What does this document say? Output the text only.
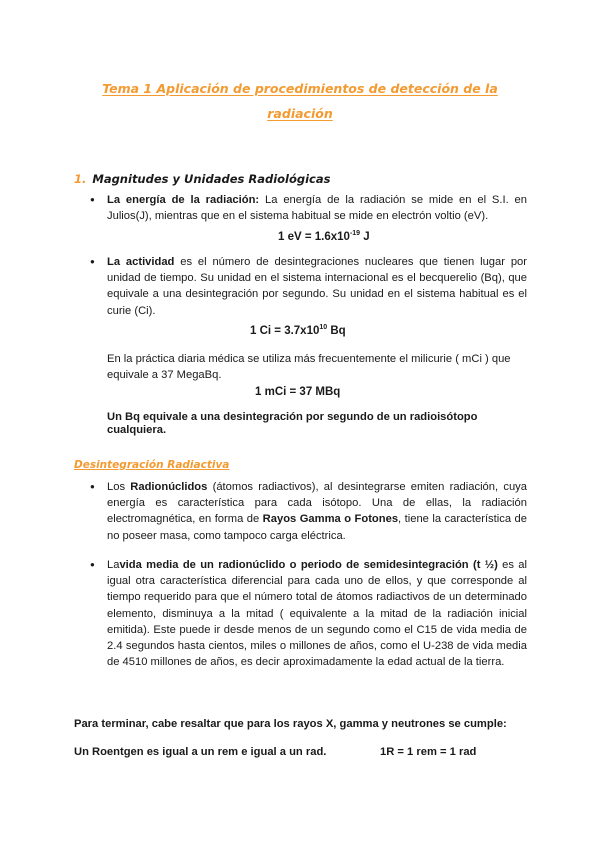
Tema 1 Aplicación de procedimientos de detección de la radiación
1. Magnitudes y Unidades Radiológicas
● La energía de la radiación: La energía de la radiación se mide en el S.I. en Julios(J), mientras que en el sistema habitual se mide en electrón voltio (eV).
1 eV = $1.6x10^{-19}$ J
● La actividad es el número de desintegraciones nucleares que tienen lugar por unidad de tiempo. Su unidad en el sistema internacional es el becquerelio (Bq), que equivale a una desintegración por segundo. Su unidad en el sistema habitual es el curie (Ci).
1 $Ci = 3.7x10^{10}$ Bq
En la práctica diaria médica se utiliza más frecuentemente el milicurie ( mCi ) que equivale a 37 MegaBq.
1 mCi = 37 MBq
Un Bq equivale a una desintegración por segundo de un radioisótopo cualquiera.
Desintegración Radiactiva
● Los Radionúclidos (átomos radiactivos), al desintegrarse emiten radiación, cuya energía es característica para cada isótopo. Una de ellas, la radiación electromagnética, en forma de Rayos Gamma o Fotones, tiene la característica de no poseer masa, como tampoco carga eléctrica.
● Lavida media de un radionúclido o periodo de semidesintegración (t ½) es al igual otra característica diferencial para cada uno de ellos, y que corresponde al tiempo requerido para que el número total de átomos radiactivos de un determinado elemento, disminuya a la mitad ( equivalente a la mitad de la radiación inicial emitida). Este puede ir desde menos de un segundo como el C15 de vida media de 2.4 segundos hasta cientos, miles o millones de años, como el U-238 de vida media de 4510 millones de años, es decir aproximadamente la edad actual de la tierra.
Para terminar, cabe resaltar que para los rayos X, gamma y neutrones se cumple:
Un Roentgen es igual a un rem e igual a un rad.	1R = 1 rem = 1 rad
